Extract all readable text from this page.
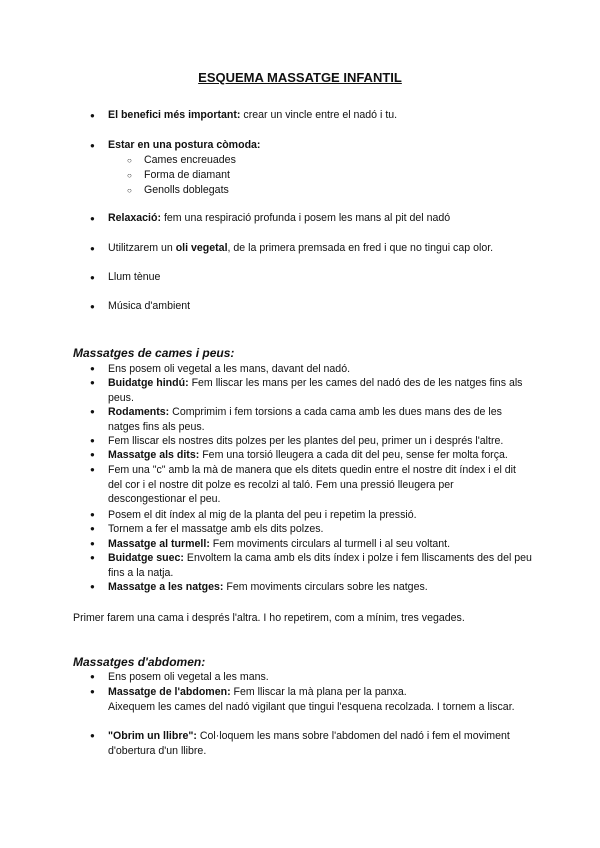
ESQUEMA MASSATGE INFANTIL
● El benefici més important: crear un vincle entre el nadó i tu.
● Estar en una postura còmoda:
○ Cames encreuades
○ Forma de diamant
○ Genolls doblegats
● Relaxació: fem una respiració profunda i posem les mans al pit del nadó
● Utilitzarem un oli vegetal, de la primera premsada en fred i que no tingui cap olor.
● Llum tènue
● Música d'ambient
Massatges de cames i peus:
● Ens posem oli vegetal a les mans, davant del nadó.
● Buidatge hindú: Fem lliscar les mans per les cames del nadó des de les natges fins als peus.
● Rodaments: Comprimim i fem torsions a cada cama amb les dues mans des de les natges fins als peus.
● Fem lliscar els nostres dits polzes per les plantes del peu, primer un i després l'altre.
● Massatge als dits: Fem una torsió lleugera a cada dit del peu, sense fer molta força.
● Fem una "c" amb la mà de manera que els ditets quedin entre el nostre dit índex i el dit del cor i el nostre dit polze es recolzi al taló. Fem una pressió lleugera per descongestionar el peu.
● Posem el dit índex al mig de la planta del peu i repetim la pressió.
● Tornem a fer el massatge amb els dits polzes.
● Massatge al turmell: Fem moviments circulars al turmell i al seu voltant.
● Buidatge suec: Envoltem la cama amb els dits índex i polze i fem lliscaments des del peu fins a la natja.
● Massatge a les natges: Fem moviments circulars sobre les natges.
Primer farem una cama i després l'altra. I ho repetirem, com a mínim, tres vegades.
Massatges d'abdomen:
● Ens posem oli vegetal a les mans.
● Massatge de l'abdomen: Fem lliscar la mà plana per la panxa.
Aixequem les cames del nadó vigilant que tingui l'esquena recolzada. I tornem a liscar.
● "Obrim un llibre": Col·loquem les mans sobre l'abdomen del nadó i fem el moviment d'obertura d'un llibre.
